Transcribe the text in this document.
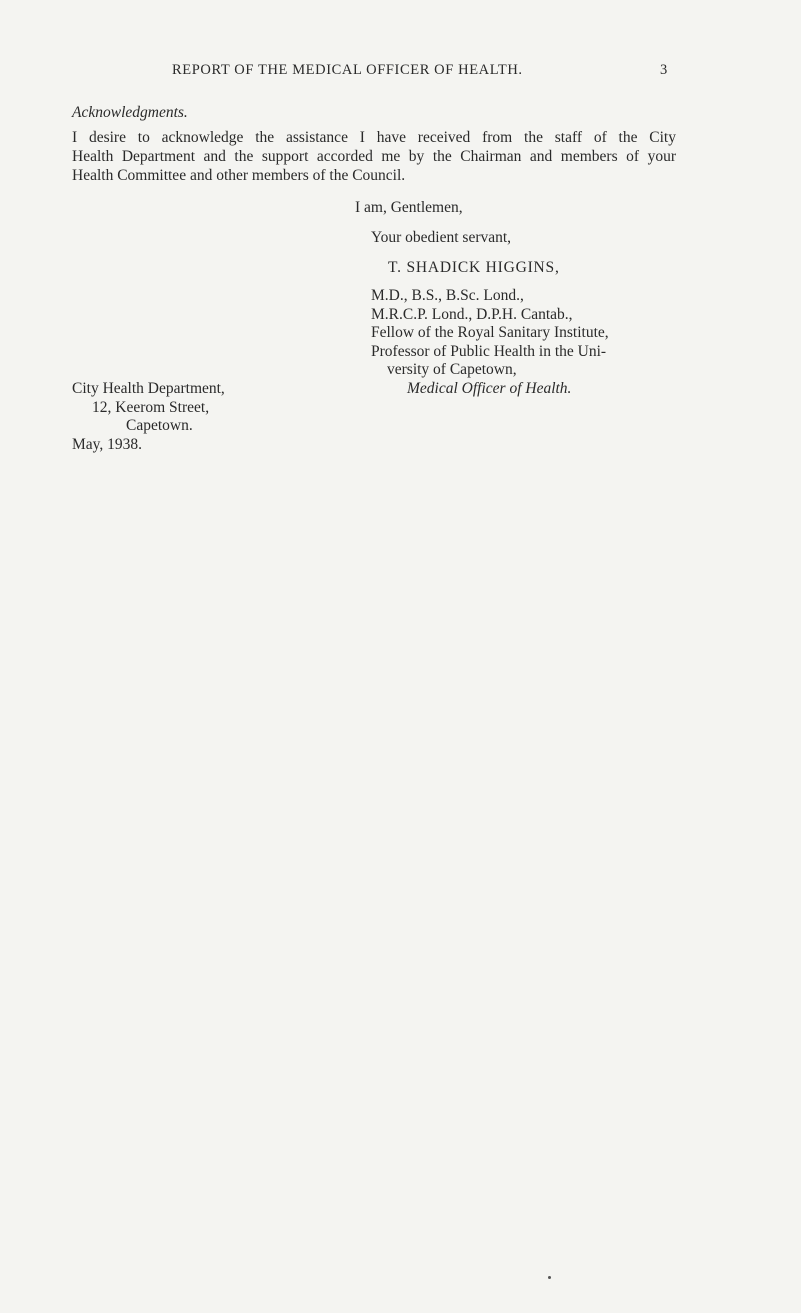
REPORT OF THE MEDICAL OFFICER OF HEALTH.	3
Acknowledgments.
I desire to acknowledge the assistance I have received from the staff of the City
Health Department and the support accorded me by the Chairman and members of your
Health Committee and other members of the Council.
I am, Gentlemen,
Your obedient servant,
T. SHADICK HIGGINS,
M.D., B.S., B.Sc. Lond.,
M.R.C.P. Lond., D.P.H. Cantab.,
Fellow of the Royal Sanitary Institute,
Professor of Public Health in the Uni-
versity of Capetown,
Medical Officer of Health.
City Health Department,
12, Keerom Street,
Capetown.
May, 1938.
